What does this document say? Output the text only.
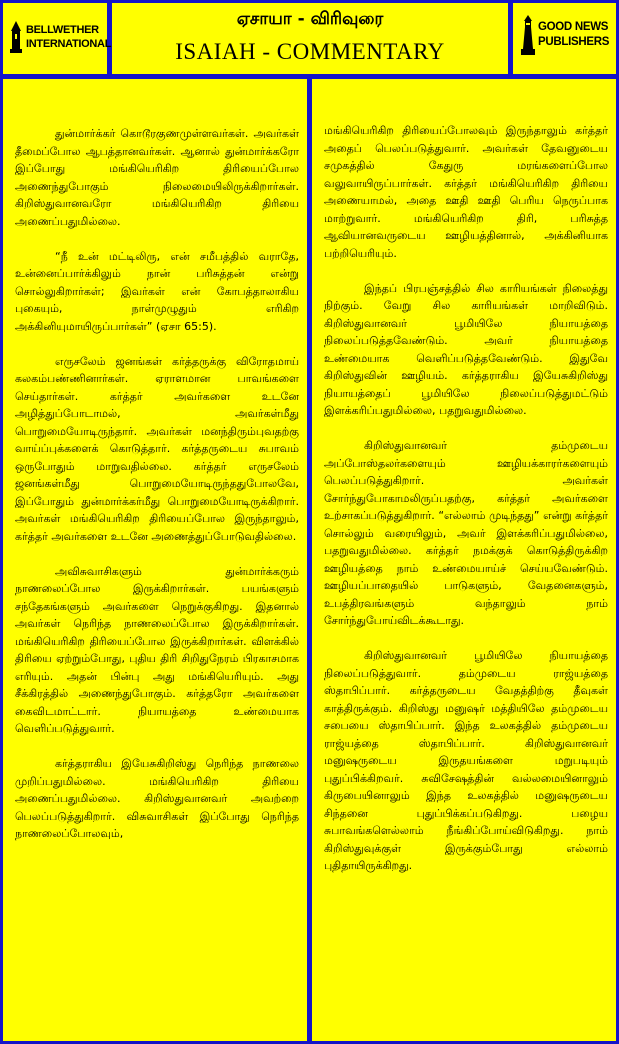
BELLWETHER
INTERNATIONAL
ஏசாயா - விரிவுரை
ISAIAH - COMMENTARY
GOOD NEWS
PUBLISHERS

துன்மார்க்கர் கொடூரகுணமுள்ளவர்கள். அவர்கள் தீமைப்போல ஆபத்தானவர்கள். ஆனால் துன்மார்க்கரோ இப்போது மங்கியெரிகிற திரியைப்போல அணைந்துபோகும் நிலைமையிலிருக்கிறார்கள். கிறிஸ்துவானவரோ மங்கியெரிகிற திரியை அணைப்பதுமில்லை.

“நீ உன் மட்டிலிரு, என் சமீபத்தில் வராதே, உன்னைப்பார்க்கிலும் நான் பரிசுத்தன் என்று சொல்லுகிறார்கள்; இவர்கள் என் கோபத்தாலாகிய புகையும், நாள்முழுதும் எரிகிற அக்கினியுமாயிருப்பார்கள்” (ஏசா 65:5).

எருசலேம் ஜனங்கள் கர்த்தருக்கு விரோதமாய் கலகம்பண்ணினார்கள். ஏராளமான பாவங்களை செய்தார்கள். கர்த்தர் அவர்களை உடனே அழித்துப்போடாமல், அவர்கள்மீது பொறுமையோடிருந்தார். அவர்கள் மனந்திரும்புவதற்கு வாய்ப்புக்களைக் கொடுத்தார். கர்த்தருடைய சுபாவம் ஒருபோதும் மாறுவதில்லை. கர்த்தர் எருசலேம் ஜனங்கள்மீது பொறுமையோடிருந்ததுபோலவே, இப்போதும் துன்மார்க்கர்மீது பொறுமையோடிருக்கிறார். அவர்கள் மங்கியெரிகிற திரியைப்போல இருந்தாலும், கர்த்தர் அவர்களை உடனே அணைத்துப்போடுவதில்லை.

அவிசுவாசிகளும் துன்மார்க்கரும் நாணலைப்போல இருக்கிறார்கள். பயங்களும் சந்தேகங்களும் அவர்களை நெறுக்குகிறது. இதனால் அவர்கள் நெரிந்த நாணலைப்போல இருக்கிறார்கள். மங்கியெரிகிற திரியைப்போல இருக்கிறார்கள். விளக்கில் திரியை ஏற்றும்போது, புதிய திரி சிறிதுநேரம் பிரகாசமாக எரியும். அதன் பின்பு அது மங்கியெரியும். அது சீக்கிரத்தில் அணைந்துபோகும். கர்த்தரோ அவர்களை கைவிடமாட்டார். நியாயத்தை உண்மையாக வெளிப்படுத்துவார்.

கர்த்தராகிய இயேசுகிறிஸ்து நெரிந்த நாணலை முறிப்பதுமில்லை. மங்கியெரிகிற திரியை அணைப்பதுமில்லை. கிறிஸ்துவானவர் அவற்றை பெலப்படுத்துகிறார். விசுவாசிகள் இப்போது நெரிந்த நாணலைப்போலவும்,

மங்கியெரிகிற திரியைப்போலவும் இருந்தாலும் கர்த்தர் அதைப் பெலப்படுத்துவார். அவர்கள் தேவனுடைய சமுகத்தில் கேதுரு மரங்களைப்போல வலுவாயிருப்பார்கள். கர்த்தர் மங்கியெரிகிற திரியை அணையாமல், அதை ஊதி ஊதி பெரிய நெருப்பாக மாற்றுவார். மங்கியெரிகிற திரி, பரிசுத்த ஆவியானவருடைய ஊழியத்தினால், அக்கினியாக பற்றியெரியும்.

இந்தப் பிரபஞ்சத்தில் சில காரியங்கள் நிலைத்து நிற்கும். வேறு சில காரியங்கள் மாறிவிடும். கிறிஸ்துவானவர் பூமியிலே நியாயத்தை நிலைப்படுத்தவேண்டும். அவர் நியாயத்தை உண்மையாக வெளிப்படுத்தவேண்டும். இதுவே கிறிஸ்துவின் ஊழியம். கர்த்தராகிய இயேசுகிறிஸ்து நியாயத்தைப் பூமியிலே நிலைப்படுத்துமட்டும் இளக்கரிப்பதுமில்லை, பதறுவதுமில்லை.

கிறிஸ்துவானவர் தம்முடைய அப்போஸ்தலர்களையும் ஊழியக்காரர்களையும் பெலப்படுத்துகிறார். அவர்கள் சோர்ந்துபோகாமலிருப்பதற்கு, கர்த்தர் அவர்களை உற்சாகப்படுத்துகிறார். “எல்லாம் முடிந்தது” என்று கர்த்தர் சொல்லும் வரையிலும், அவர் இளக்கரிப்பதுமில்லை, பதறுவதுமில்லை. கர்த்தர் நமக்குக் கொடுத்திருக்கிற ஊழியத்தை நாம் உண்மையாய்ச் செய்யவேண்டும். ஊழியப்பாதையில் பாடுகளும், வேதனைகளும், உபத்திரவங்களும் வந்தாலும் நாம் சோர்ந்துபோய்விடக்கூடாது.

கிறிஸ்துவானவர் பூமியிலே நியாயத்தை நிலைப்படுத்துவார். தம்முடைய ராஜ்யத்தை ஸ்தாபிப்பார். கர்த்தருடைய வேதத்திற்கு தீவுகள் காத்திருக்கும். கிறிஸ்து மனுஷர் மத்தியிலே தம்முடைய சபையை ஸ்தாபிப்பார். இந்த உலகத்தில் தம்முடைய ராஜ்யத்தை ஸ்தாபிப்பார். கிறிஸ்துவானவர் மனுஷருடைய இருதயங்களை மறுபடியும் புதுப்பிக்கிறவர். சுவிசேஷத்தின் வல்லமையினாலும் கிருபையினாலும் இந்த உலகத்தில் மனுஷருடைய சிந்தனை புதுப்பிக்கப்படுகிறது. பழைய சுபாவங்களெல்லாம் நீங்கிப்போய்விடுகிறது. நாம் கிறிஸ்துவுக்குள் இருக்கும்போது எல்லாம் புதிதாயிருக்கிறது.
